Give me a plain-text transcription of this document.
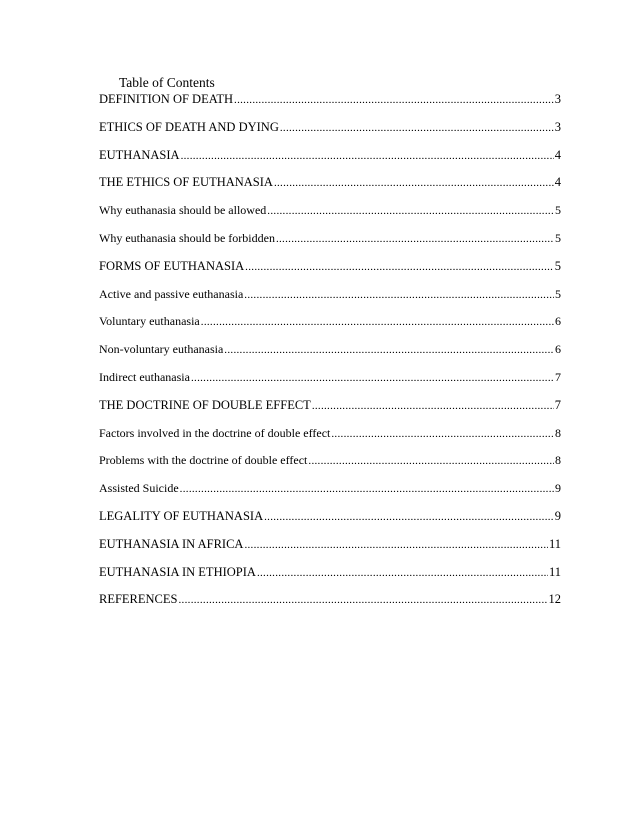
Table of Contents
DEFINITION OF DEATH .....	3
ETHICS OF DEATH AND DYING .....	3
EUTHANASIA .....	4
THE ETHICS OF EUTHANASIA .....	4
Why euthanasia should be allowed .....	5
Why euthanasia should be forbidden .....	5
FORMS OF EUTHANASIA .....	5
Active and passive euthanasia .....	5
Voluntary euthanasia .....	6
Non-voluntary euthanasia .....	6
Indirect euthanasia .....	7
THE DOCTRINE OF DOUBLE EFFECT .....	7
Factors involved in the doctrine of double effect .....	8
Problems with the doctrine of double effect .....	8
Assisted Suicide .....	9
LEGALITY OF EUTHANASIA .....	9
EUTHANASIA IN AFRICA .....	11
EUTHANASIA IN ETHIOPIA .....	11
REFERENCES .....	12
